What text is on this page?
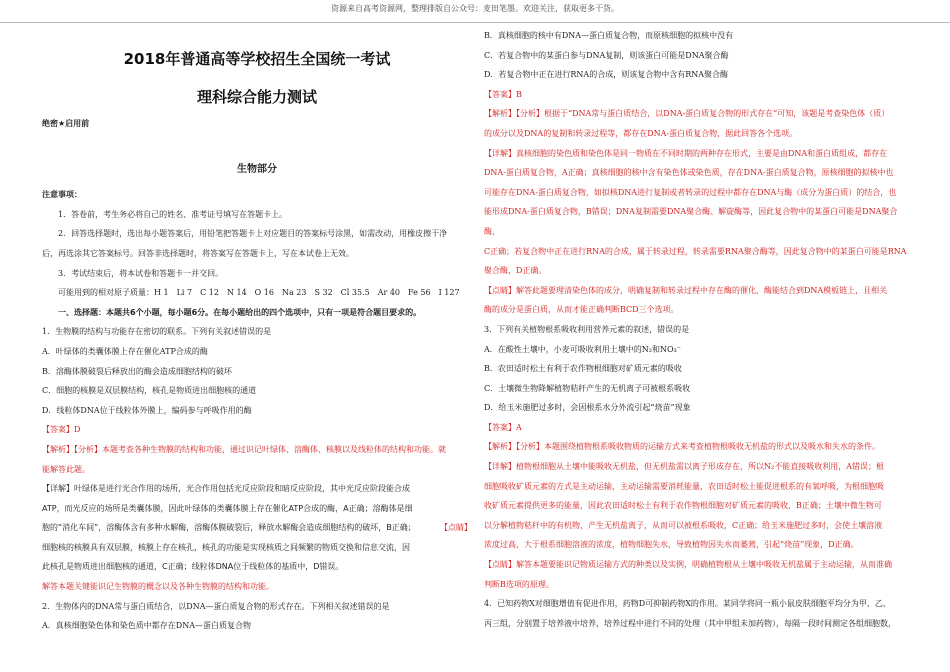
资源来自高考资源网，整理排版自公众号：麦田笔墨。欢迎关注，获取更多干货。

2018年普通高等学校招生全国统一考试

理科综合能力测试

绝密★启用前

生物部分

注意事项：

1．答卷前，考生务必将自己的姓名、准考证号填写在答题卡上。

2．回答选择题时，选出每小题答案后，用铅笔把答题卡上对应题目的答案标号涂黑，如需改动，用橡皮擦干净

后，再选涂其它答案标号。回答非选择题时，将答案写在答题卡上，写在本试卷上无效。

3．考试结束后，将本试卷和答题卡一并交回。

可能用到的相对原子质量：H 1　Li 7　C 12　N 14　O 16　Na 23　S 32　Cl 35.5　Ar 40　Fe 56　I 127

一、选择题：本题共6个小题，每小题6分。在每小题给出的四个选项中，只有一项是符合题目要求的。

1．生物膜的结构与功能存在密切的联系。下列有关叙述错误的是

A．叶绿体的类囊体膜上存在催化ATP合成的酶

B．溶酶体膜破裂后释放出的酶会造成细胞结构的破坏

C．细胞的核膜是双层膜结构，核孔是物质进出细胞核的通道

D．线粒体DNA位于线粒体外膜上，编码参与呼吸作用的酶

【答案】D

【解析】【分析】本题考查各种生物膜的结构和功能，通过识记叶绿体、溶酶体、核膜以及线粒体的结构和功能。就

能解答此题。

【详解】叶绿体是进行光合作用的场所，光合作用包括光反应阶段和暗反应阶段，其中光反应阶段能合成

ATP，而光反应的场所是类囊体膜，因此叶绿体的类囊体膜上存在催化ATP合成的酶，A正确；溶酶体是细

【点睛】
胞的“消化车间”，溶酶体含有多种水解酶，溶酶体膜破裂后，释放水解酶会造成细胞结构的破坏，B正确；

细胞核的核膜具有双层膜，核膜上存在核孔，核孔的功能是实现核质之间频繁的物质交换和信息交流，因

此核孔是物质进出细胞核的通道，C正确；线粒体DNA位于线粒体的基质中，D错误。

解答本题关键能识记生物膜的概念以及各种生物膜的结构和功能。

2．生物体内的DNA常与蛋白质结合，以DNA—蛋白质复合物的形式存在。下列相关叙述错误的是

A．真核细胞染色体和染色质中都存在DNA—蛋白质复合物

B．真核细胞的核中有DNA—蛋白质复合物，而原核细胞的拟核中没有

C．若复合物中的某蛋白参与DNA复制，则该蛋白可能是DNA聚合酶

D．若复合物中正在进行RNA的合成，则该复合物中含有RNA聚合酶

【答案】B

【解析】【分析】根据于“DNA常与蛋白质结合，以DNA-蛋白质复合物的形式存在”可知，该题是考查染色体（质）

的成分以及DNA的复制和转录过程等，都存在DNA-蛋白质复合物，据此回答各个选项。

【详解】真核细胞的染色质和染色体是同一物质在不同时期的两种存在形式，主要是由DNA和蛋白质组成，都存在

DNA-蛋白质复合物，A正确；真核细胞的核中含有染色体或染色质，存在DNA-蛋白质复合物，原核细胞的拟核中也

可能存在DNA-蛋白质复合物，如拟核DNA进行复制或者转录的过程中都存在DNA与酶（成分为蛋白质）的结合，也

能形成DNA-蛋白质复合物，B错误；DNA复制需要DNA聚合酶、解旋酶等，因此复合物中的某蛋白可能是DNA聚合酶，

C正确；若复合物中正在进行RNA的合成，属于转录过程，转录需要RNA聚合酶等，因此复合物中的某蛋白可能是RNA

聚合酶，D正确。

【点睛】解答此题要理清染色体的成分，明确复制和转录过程中存在酶的催化，酶能结合到DNA模板链上，且相关

酶的成分是蛋白质，从而才能正确判断BCD三个选项。

3．下列有关植物根系吸收利用营养元素的叙述，错误的是

A．在酸性土壤中，小麦可吸收利用土壤中的N₂和NO₃⁻

B．农田适时松土有利于农作物根细胞对矿质元素的吸收

C．土壤微生物降解植物秸秆产生的无机离子可被根系吸收

D．给玉米施肥过多时，会因根系水分外流引起“烧苗”现象

【答案】A

【解析】【分析】本题围绕植物根系吸收物质的运输方式来考查植物根吸收无机盐的形式以及吸水和失水的条件。

【详解】植物根细胞从土壤中能吸收无机盐，但无机盐需以离子形成存在，所以N₂不能直接吸收利用，A错误；根

细胞吸收矿质元素的方式是主动运输，主动运输需要消耗能量，农田适时松土能促进根系的有氧呼吸，为根细胞吸

收矿质元素提供更多的能量，因此农田适时松土有利于农作物根细胞对矿质元素的吸收，B正确；土壤中微生物可

以分解植物秸秆中的有机物，产生无机盐离子，从而可以被根系吸收，C正确；给玉米施肥过多时，会使土壤溶液

浓度过高，大于根系细胞溶液的浓度，植物细胞失水，导致植物因失水而萎蔫，引起“烧苗”现象，D正确。

【点睛】解答本题要能识记物质运输方式的种类以及实例，明确植物根从土壤中吸收无机盐属于主动运输，从而准确

判断B选项的原理。

4．已知药物X对细胞增值有促进作用，药物D可抑制药物X的作用。某同学将同一瓶小鼠皮肤细胞平均分为甲、乙、

丙三组，分别置于培养液中培养，培养过程中进行不同的处理（其中甲组未加药物），每隔一段时间测定各组细胞数，
